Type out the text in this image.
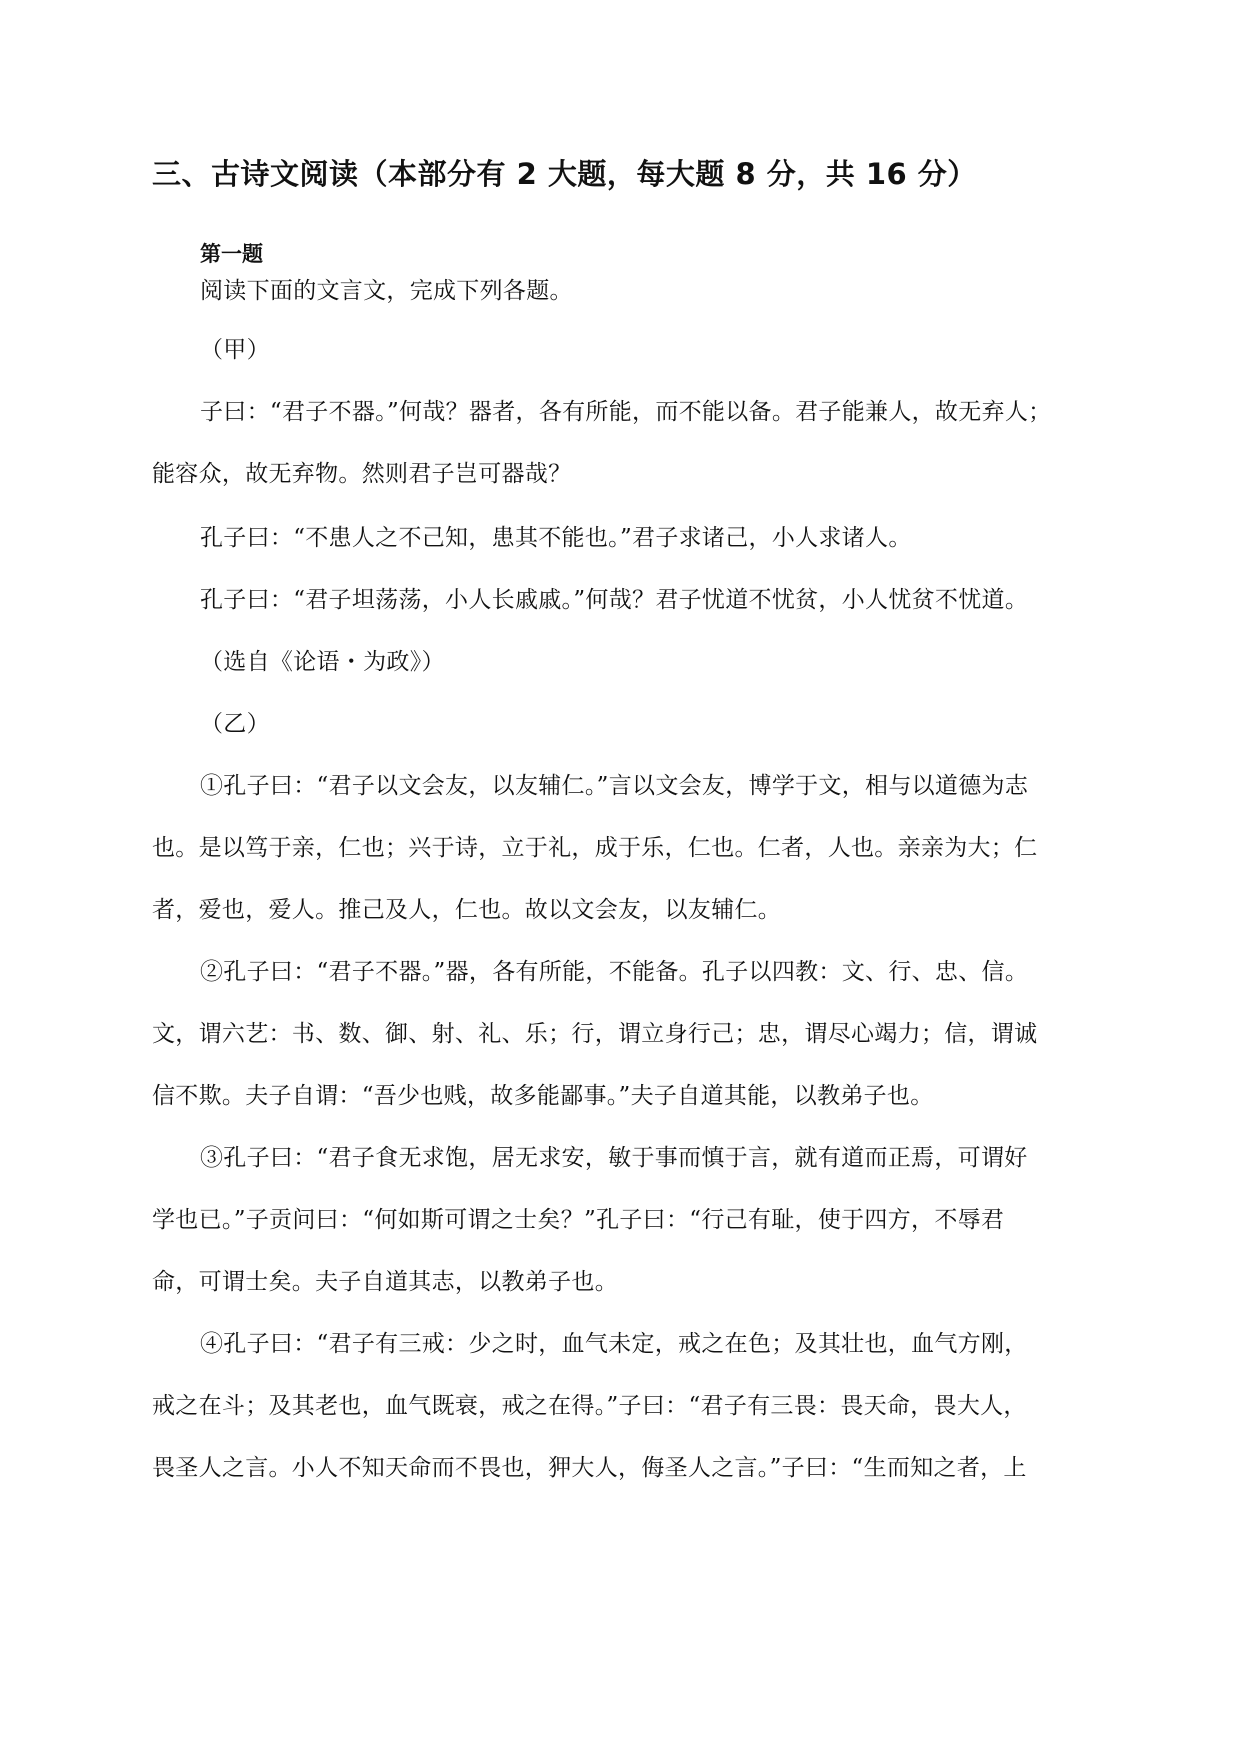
三、古诗文阅读（本部分有 2 大题，每大题 8 分，共 16 分）
第一题

阅读下面的文言文，完成下列各题。

（甲）

子曰：“君子不器。”何哉？器者，各有所能，而不能以备。君子能兼人，故无弃人；

能容众，故无弃物。然则君子岂可器哉？

孔子曰：“不患人之不己知，患其不能也。”君子求诸己，小人求诸人。

孔子曰：“君子坦荡荡，小人长戚戚。”何哉？君子忧道不忧贫，小人忧贫不忧道。

（选自《论语・为政》）

（乙）

①孔子曰：“君子以文会友，以友辅仁。”言以文会友，博学于文，相与以道德为志

也。是以笃于亲，仁也；兴于诗，立于礼，成于乐，仁也。仁者，人也。亲亲为大；仁

者，爱也，爱人。推己及人，仁也。故以文会友，以友辅仁。

②孔子曰：“君子不器。”器，各有所能，不能备。孔子以四教：文、行、忠、信。

文，谓六艺：书、数、御、射、礼、乐；行，谓立身行己；忠，谓尽心竭力；信，谓诚

信不欺。夫子自谓：“吾少也贱，故多能鄙事。”夫子自道其能，以教弟子也。

③孔子曰：“君子食无求饱，居无求安，敏于事而慎于言，就有道而正焉，可谓好

学也已。”子贡问曰：“何如斯可谓之士矣？”孔子曰：“行己有耻，使于四方，不辱君

命，可谓士矣。夫子自道其志，以教弟子也。

④孔子曰：“君子有三戒：少之时，血气未定，戒之在色；及其壮也，血气方刚，

戒之在斗；及其老也，血气既衰，戒之在得。”子曰：“君子有三畏：畏天命，畏大人，

畏圣人之言。小人不知天命而不畏也，狎大人，侮圣人之言。”子曰：“生而知之者，上
